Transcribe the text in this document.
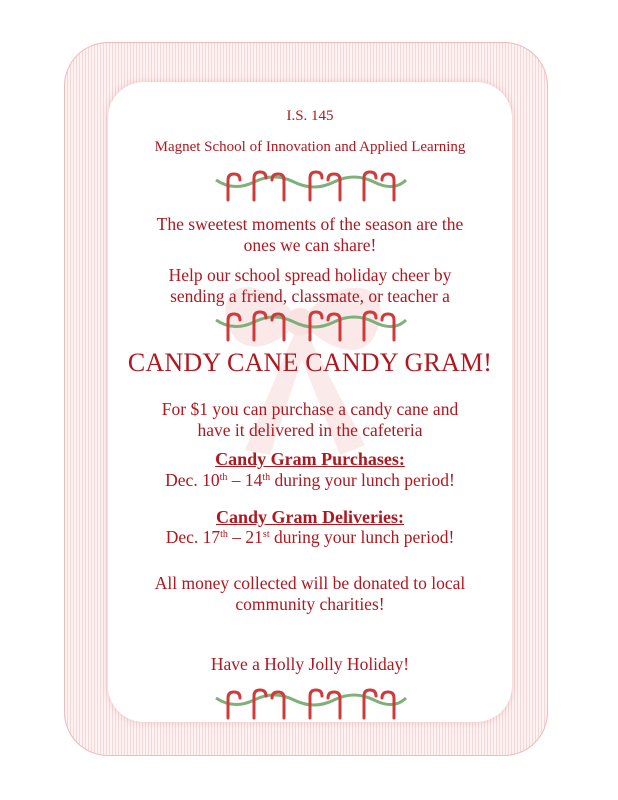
I.S. 145

Magnet School of Innovation and Applied Learning

The sweetest moments of the season are the

ones we can share!

Help our school spread holiday cheer by

sending a friend, classmate, or teacher a

CANDY CANE CANDY GRAM!

For $1 you can purchase a candy cane and

have it delivered in the cafeteria

Candy Gram Purchases:

Dec. 10th – 14th during your lunch period!

Candy Gram Deliveries:

Dec. 17th – 21st during your lunch period!

All money collected will be donated to local

community charities!

Have a Holly Jolly Holiday!
